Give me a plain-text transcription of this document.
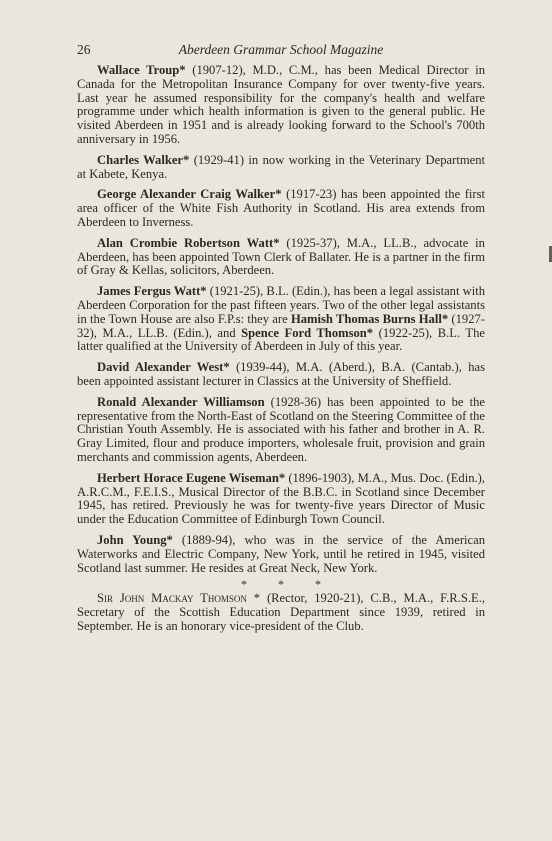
26	Aberdeen Grammar School Magazine

Wallace Troup* (1907-12), M.D., C.M., has been Medical Director in Canada for the Metropolitan Insurance Company for over twenty-five years. Last year he assumed responsibility for the company's health and welfare programme under which health information is given to the general public. He visited Aberdeen in 1951 and is already looking forward to the School's 700th anniversary in 1956.

Charles Walker* (1929-41) in now working in the Veterinary Department at Kabete, Kenya.

George Alexander Craig Walker* (1917-23) has been appointed the first area officer of the White Fish Authority in Scotland. His area extends from Aberdeen to Inverness.

Alan Crombie Robertson Watt* (1925-37), M.A., LL.B., advocate in Aberdeen, has been appointed Town Clerk of Ballater. He is a partner in the firm of Gray & Kellas, solicitors, Aberdeen.

James Fergus Watt* (1921-25), B.L. (Edin.), has been a legal assistant with Aberdeen Corporation for the past fifteen years. Two of the other legal assistants in the Town House are also F.P.s: they are Hamish Thomas Burns Hall* (1927-32), M.A., LL.B. (Edin.), and Spence Ford Thomson* (1922-25), B.L. The latter qualified at the University of Aberdeen in July of this year.

David Alexander West* (1939-44), M.A. (Aberd.), B.A. (Cantab.), has been appointed assistant lecturer in Classics at the University of Sheffield.

Ronald Alexander Williamson (1928-36) has been appointed to be the representative from the North-East of Scotland on the Steering Committee of the Christian Youth Assembly. He is associated with his father and brother in A. R. Gray Limited, flour and produce importers, wholesale fruit, provision and grain merchants and commission agents, Aberdeen.

Herbert Horace Eugene Wiseman* (1896-1903), M.A., Mus. Doc. (Edin.), A.R.C.M., F.E.I.S., Musical Director of the B.B.C. in Scotland since December 1945, has retired. Previously he was for twenty-five years Director of Music under the Education Committee of Edinburgh Town Council.

John Young* (1889-94), who was in the service of the American Waterworks and Electric Company, New York, until he retired in 1945, visited Scotland last summer. He resides at Great Neck, New York.

* * *

Sir John Mackay Thomson * (Rector, 1920-21), C.B., M.A., F.R.S.E., Secretary of the Scottish Education Department since 1939, retired in September. He is an honorary vice-president of the Club.
